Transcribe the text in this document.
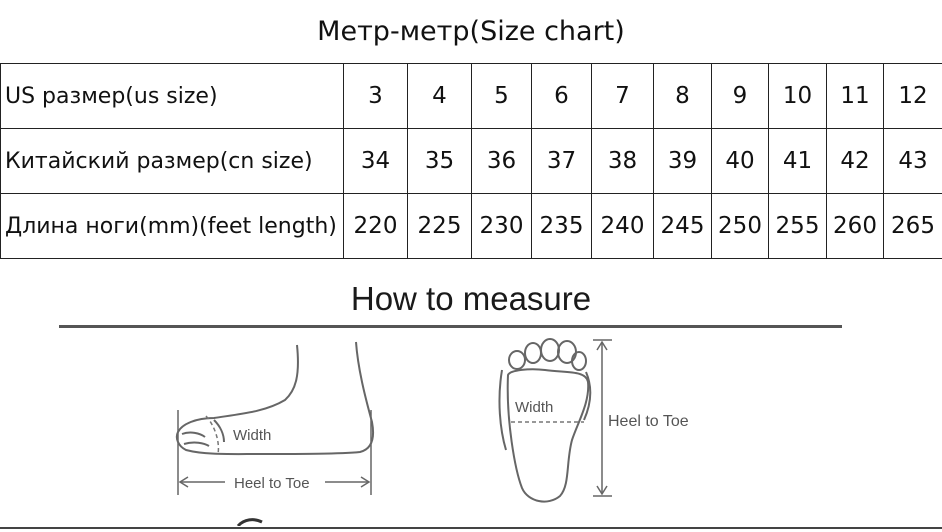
Метр-метр(Size chart)
US размер(us size)	3	4	5	6	7	8	9	10	11	12
Китайский размер(cn size)	34	35	36	37	38	39	40	41	42	43
Длина ноги(mm)(feet length)	220	225	230	235	240	245	250	255	260	265
How to measure
Width
Heel to Toe
Width
Heel to Toe
